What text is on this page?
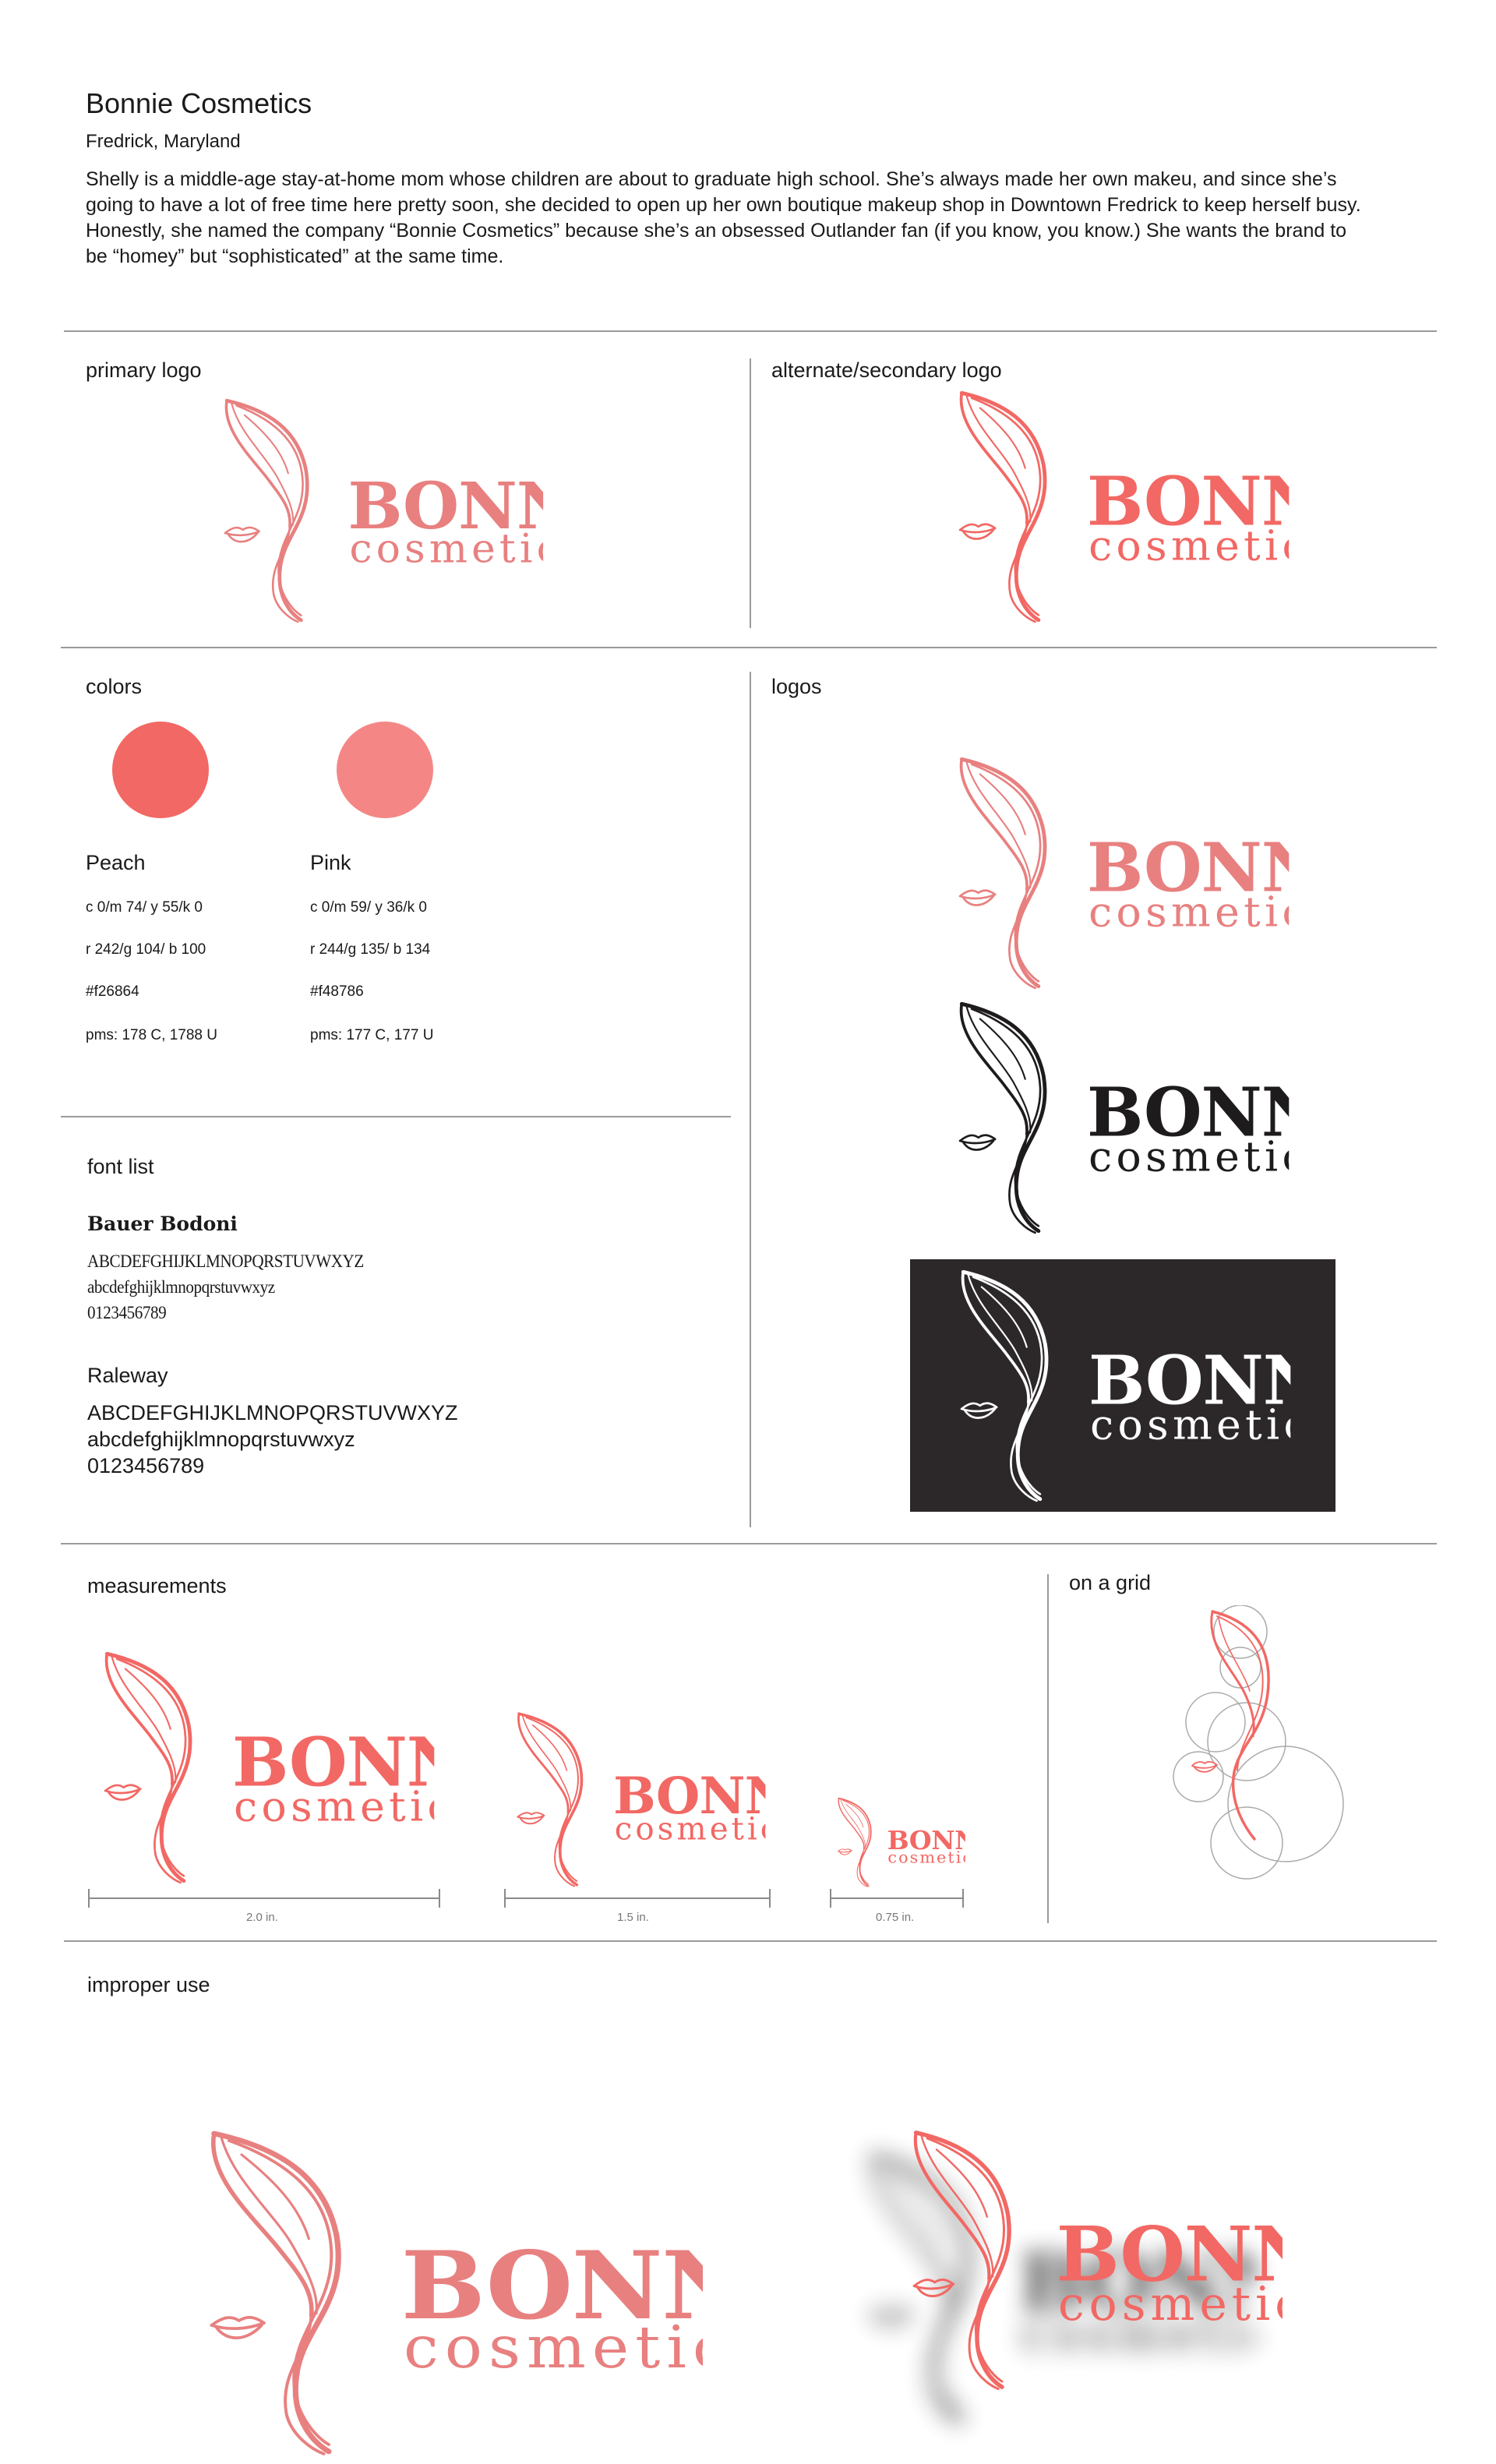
Bonnie Cosmetics
Fredrick, Maryland
Shelly is a middle-age stay-at-home mom whose children are about to graduate high school. She’s always made her own makeu, and since she’s going to have a lot of free time here pretty soon, she decided to open up her own boutique makeup shop in Downtown Fredrick to keep herself busy. Honestly, she named the company “Bonnie Cosmetics” because she’s an obsessed Outlander fan (if you know, you know.) She wants the brand to be “homey” but “sophisticated” at the same time.
primary logo	alternate/secondary logo
colors	logos
font list
measurements	on a grid
improper use
Peach
c 0/m 74/ y 55/k 0
r 242/g 104/ b 100
#f26864
pms: 178 C, 1788 U
Pink
c 0/m 59/ y 36/k 0
r 244/g 135/ b 134
#f48786
pms: 177 C, 177 U
Bauer Bodoni
ABCDEFGHIJKLMNOPQRSTUVWXYZ
abcdefghijklmnopqrstuvwxyz
0123456789
Raleway
ABCDEFGHIJKLMNOPQRSTUVWXYZ
abcdefghijklmnopqrstuvwxyz
0123456789
2.0 in.	1.5 in.	0.75 in.
